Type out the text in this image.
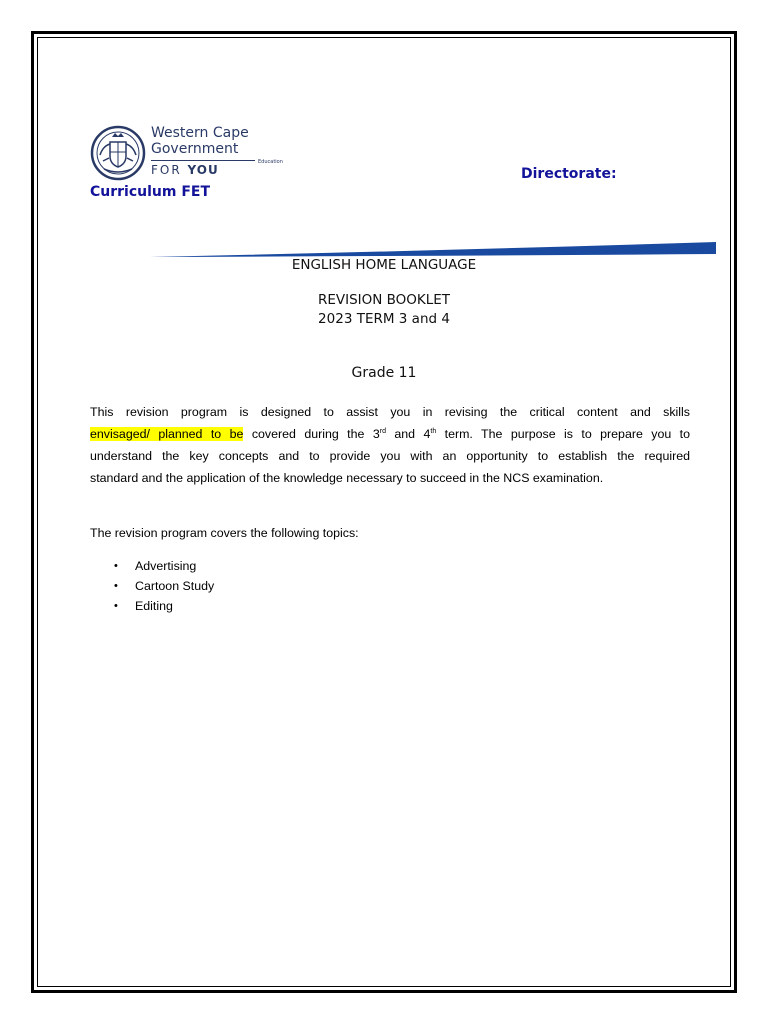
Western Cape
Government
FOR YOU
Education
Curriculum FET
Directorate:
ENGLISH HOME LANGUAGE
REVISION BOOKLET
2023 TERM 3 and 4
Grade 11
This revision program is designed to assist you in revising the critical content and skills
envisaged/ planned to be covered during the 3rd and 4th term. The purpose is to prepare you to
understand the key concepts and to provide you with an opportunity to establish the required
standard and the application of the knowledge necessary to succeed in the NCS examination.
The revision program covers the following topics:
• Advertising
• Cartoon Study
• Editing
